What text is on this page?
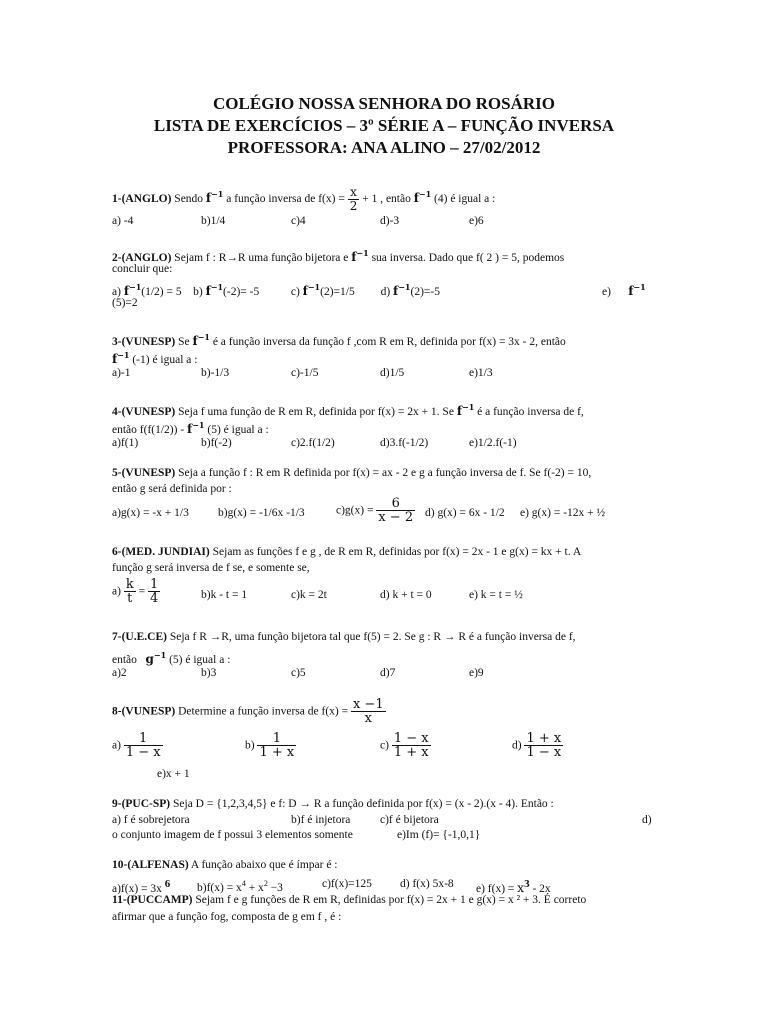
COLÉGIO NOSSA SENHORA DO ROSÁRIO
LISTA DE EXERCÍCIOS – 3º SÉRIE A – FUNÇÃO INVERSA
PROFESSORA: ANA ALINO – 27/02/2012
1-(ANGLO) Sendo $f^{-1}$ a função inversa de $f(x) = \frac{x}{2} + 1$ , então $f^{-1}$ (4) é igual a :
a) -4	b)1/4	c)4	d)-3	e)6
2-(ANGLO) Sejam f : R→R uma função bijetora e $f^{-1}$ sua inversa. Dado que f( 2 ) = 5, podemos
concluir que:
a) $f^{-1}(1/2) = 5$ b) $f^{-1}(-2)= -5$	c) $f^{-1}(2)=1/5$ d) $f^{-1}(2)=-5$	e) $f^{-1}$
(5)=2
3-(VUNESP) Se $f^{-1}$ é a função inversa da função f ,com R em R, definida por f(x) = 3x - 2, então
$f^{-1}$ (-1) é igual a :
a)-1	b)-1/3	c)-1/5	d)1/5	e)1/3
4-(VUNESP) Seja f uma função de R em R, definida por f(x) = 2x + 1. Se $f^{-1}$ é a função inversa de f,
então $f(f(1/2)) - f^{-1}$ (5) é igual a :
a)f(1)	b)f(-2)	c)2.f(1/2)	d)3.f(-1/2)	e)1/2.f(-1)
5-(VUNESP) Seja a função f : R em R definida por f(x) = ax - 2 e g a função inversa de f. Se f(-2) = 10,
então g será definida por :
a)g(x) = -x + 1/3	b)g(x) = -1/6x -1/3	$c)g(x) = \frac{6}{x - 2} d$) g(x) = 6x - 1/2 e) g(x) = -12x + ½
6-(MED. JUNDIAI) Sejam as funções f e g , de R em R, definidas por f(x) = 2x - 1 e g(x) = kx + t. A
função g será inversa de f se, e somente se,
$a) \frac{k}{t} = \frac{1}{4}$	b)k - t = 1	c)k = 2t	d) k + t = 0	e) k = t = ½
7-(U.E.CE) Seja f R →R, uma função bijetora tal que f(5) = 2. Se g : R → R é a função inversa de f,
então $g^{-1}$ (5) é igual a :
a)2	b)3	c)5	d)7	e)9
8-(VUNESP) Determine a função inversa de $f(x) = \frac{x -1}{x}$
$a) \frac{1}{1 - x}$	$b) \frac{1}{1 + x}$	$c) \frac{1 - x}{1 + x}$	$d) \frac{1 + x}{1 - x}$
e)x + 1
9-(PUC-SP) Seja D = {1,2,3,4,5} e f: D → R a função definida por f(x) = (x - 2).(x - 4). Então :
a) f é sobrejetora	b)f é injetora	c)f é bijetora	d)
o conjunto imagem de f possui 3 elementos somente	e)Im (f)= {-1,0,1}
10-(ALFENAS) A função abaixo que é ímpar é :
a)f(x) = 3x 6 $b)f(x) = x^4 + x^2 -3$	c)f(x)=125 d) f(x) 5x-8 e) f(x) = x3 - 2x
11-(PUCCAMP) Sejam f e g funções de R em R, definidas por f(x) = 2x + 1 e g(x) = x ² + 3. É correto
afirmar que a função fog, composta de g em f , é :
